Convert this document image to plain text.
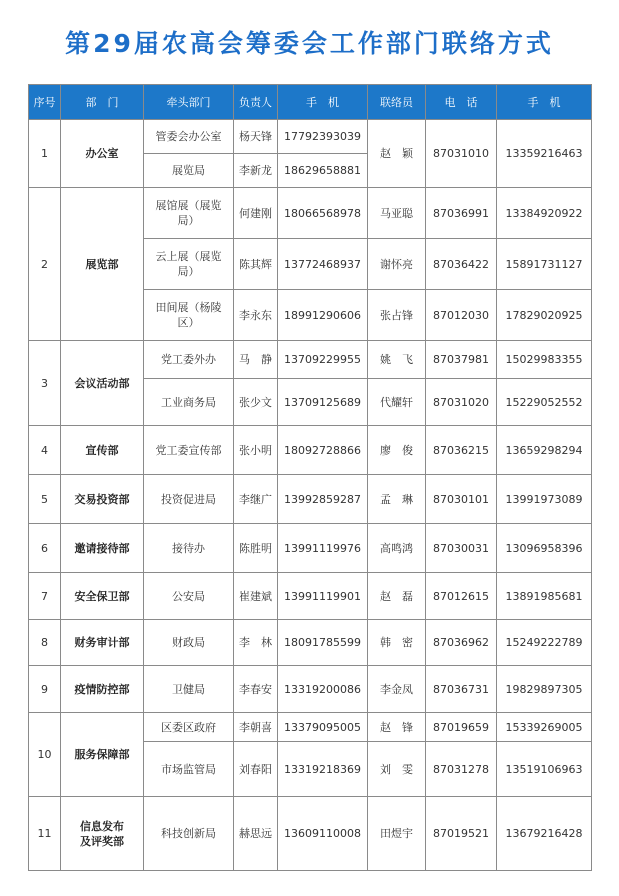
第29届农高会筹委会工作部门联络方式
序号	部　门	牵头部门	负责人	手　机	联络员	电　话	手　机
1	办公室	管委会办公室	杨天锋	17792393039	赵　颖	87031010	13359216463
		展览局	李新龙	18629658881			
2	展览部	展馆展（展览局）	何建刚	18066568978	马亚聪	87036991	13384920922
		云上展（展览局）	陈其辉	13772468937	谢怀亮	87036422	15891731127
		田间展（杨陵区）	李永东	18991290606	张占锋	87012030	17829020925
3	会议活动部	党工委外办	马　静	13709229955	姚　飞	87037981	15029983355
		工业商务局	张少文	13709125689	代耀轩	87031020	15229052552
4	宣传部	党工委宣传部	张小明	18092728866	廖　俊	87036215	13659298294
5	交易投资部	投资促进局	李继广	13992859287	孟　琳	87030101	13991973089
6	邀请接待部	接待办	陈胜明	13991119976	高鸣鸿	87030031	13096958396
7	安全保卫部	公安局	崔建斌	13991119901	赵　磊	87012615	13891985681
8	财务审计部	财政局	李　林	18091785599	韩　密	87036962	15249222789
9	疫情防控部	卫健局	李春安	13319200086	李金凤	87036731	19829897305
10	服务保障部	区委区政府	李朝喜	13379095005	赵　锋	87019659	15339269005
		市场监管局	刘春阳	13319218369	刘　雯	87031278	13519106963
11	信息发布及评奖部	科技创新局	赫思远	13609110008	田煜宇	87019521	13679216428
